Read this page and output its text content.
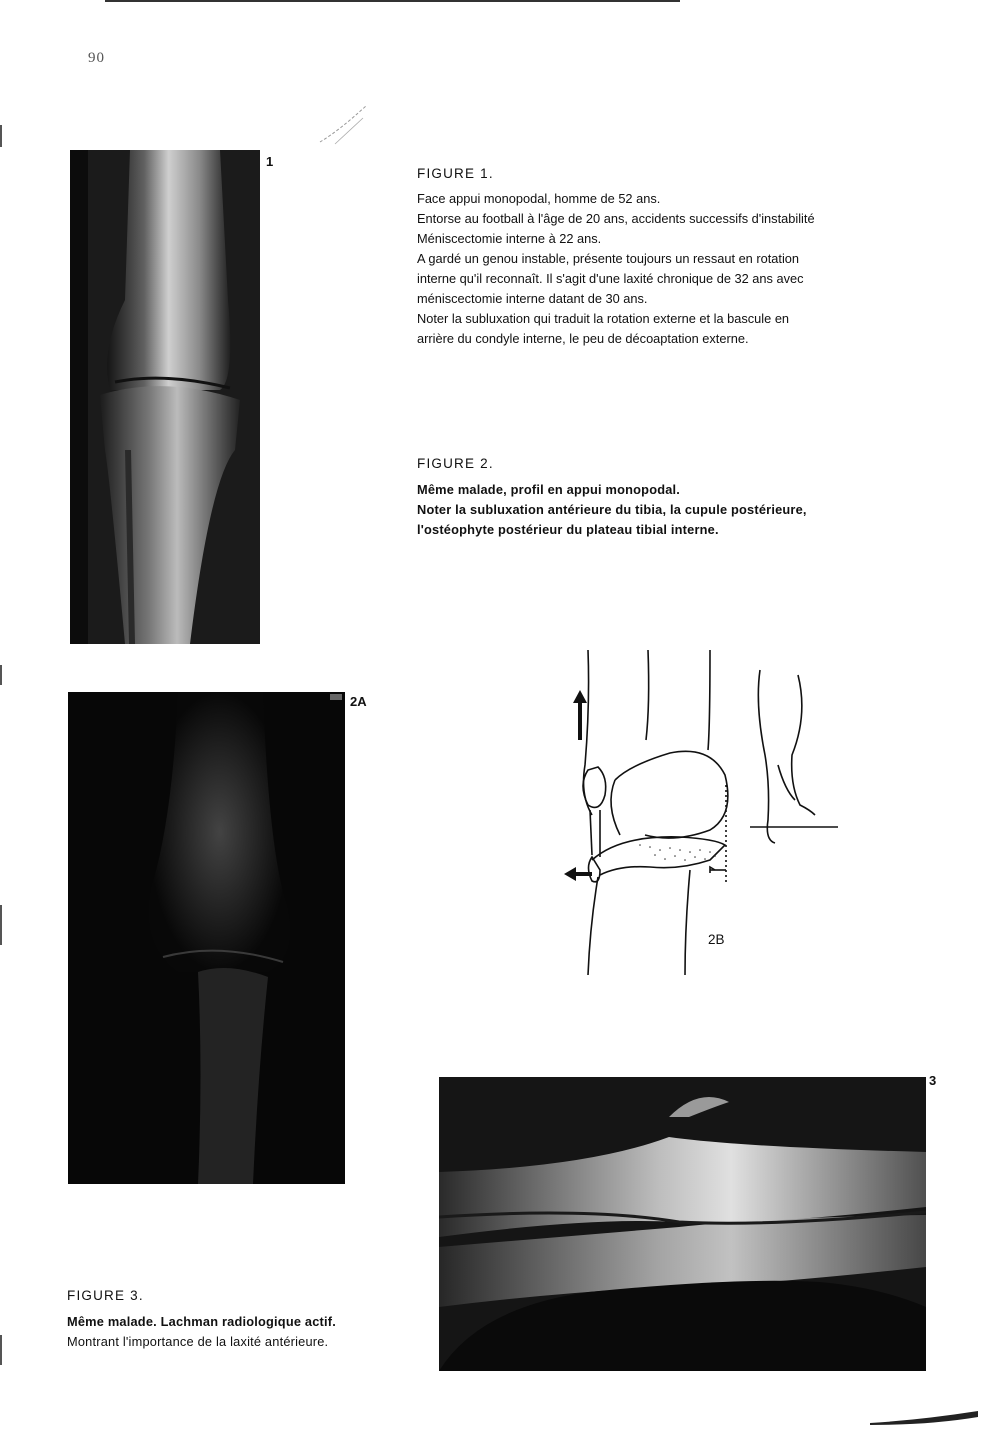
90
1
FIGURE 1.
Face appui monopodal, homme de 52 ans.
Entorse au football à l'âge de 20 ans, accidents successifs d'instabilité
Méniscectomie interne à 22 ans.
A gardé un genou instable, présente toujours un ressaut en rotation
interne qu'il reconnaît. Il s'agit d'une laxité chronique de 32 ans avec
méniscectomie interne datant de 30 ans.
Noter la subluxation qui traduit la rotation externe et la bascule en
arrière du condyle interne, le peu de décoaptation externe.
FIGURE 2.
Même malade, profil en appui monopodal.
Noter la subluxation antérieure du tibia, la cupule postérieure,
l'ostéophyte postérieur du plateau tibial interne.
2A
2B
3
FIGURE 3.
Même malade. Lachman radiologique actif.
Montrant l'importance de la laxité antérieure.
